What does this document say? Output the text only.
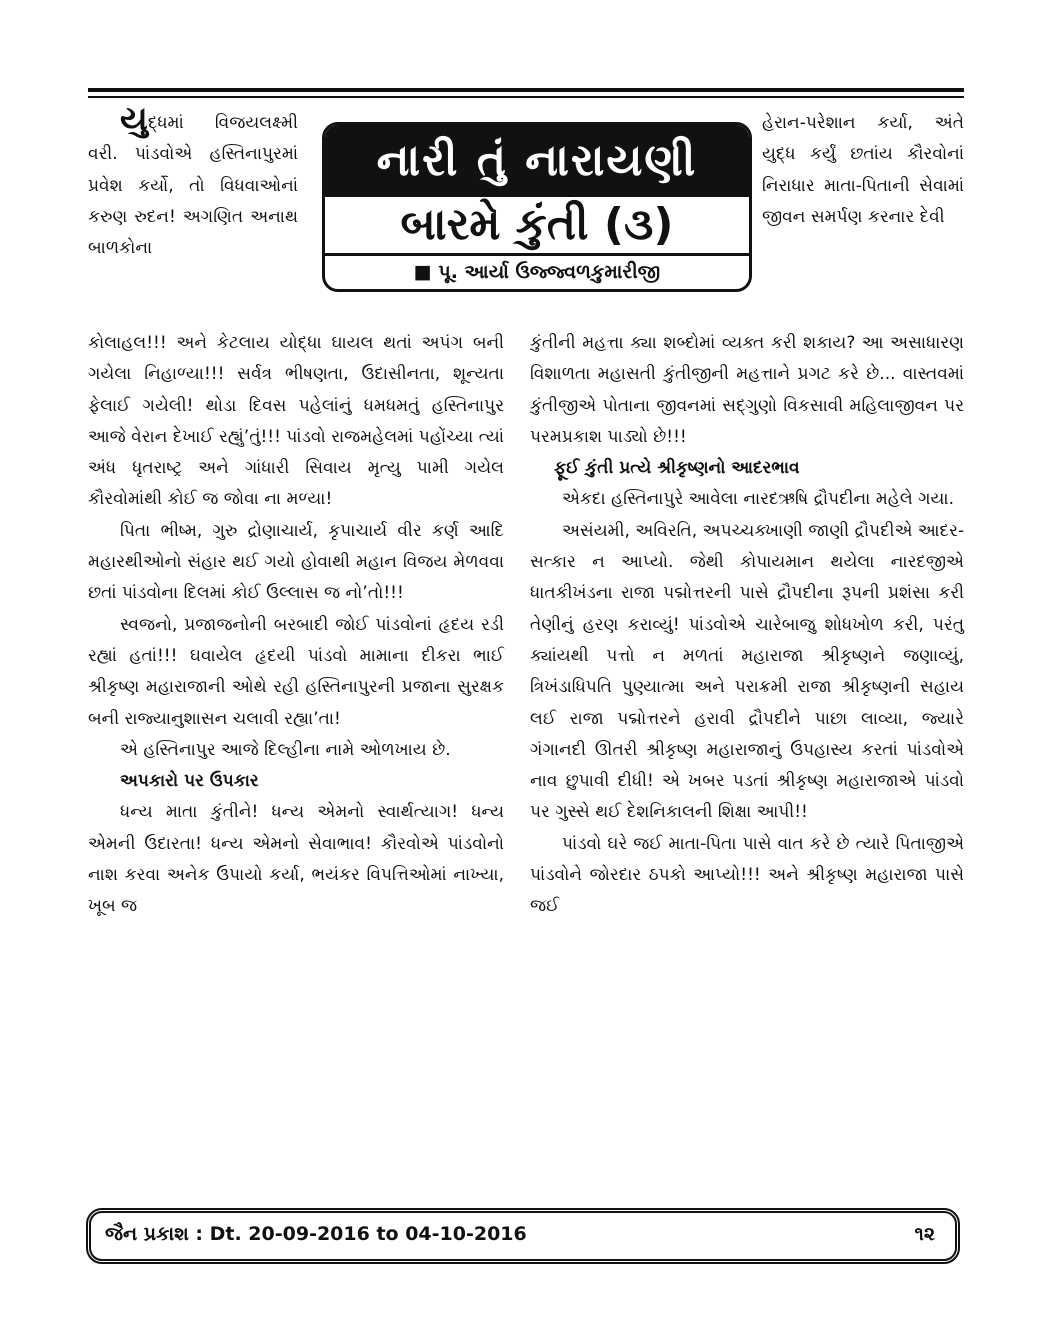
નારી તું નારાયણી
બારમે કુંતી (૩)
■ પૂ. આર્યા ઉજ્જ્વળકુમારીજી

યુદ્ધમાં વિજયલક્ષ્મી વરી. પાંડવોએ હસ્તિનાપુરમાં પ્રવેશ કર્યો, તો વિધવાઓનાં કરુણ રુદન! અગણિત અનાથ બાળકોના

હેરાન-પરેશાન કર્યા, અંતે યુદ્ધ કર્યું છતાંય કૌરવોનાં નિરાધાર માતા-પિતાની સેવામાં જીવન સમર્પણ કરનાર દેવી

કોલાહલ!!! અને કેટલાય યોદ્ધા ઘાયલ થતાં અપંગ બની ગયેલા નિહાળ્યા!!! સર્વત્ર ભીષણતા, ઉદાસીનતા, શૂન્યતા ફેલાઈ ગયેલી! થોડા દિવસ પહેલાંનું ધમધમતું હસ્તિનાપુર આજે વેરાન દેખાઈ રહ્યું’તું!!! પાંડવો રાજમહેલમાં પહોંચ્યા ત્યાં અંધ ધૃતરાષ્ટ્ર અને ગાંધારી સિવાય મૃત્યુ પામી ગયેલ કૌરવોમાંથી કોઈ જ જોવા ના મળ્યા!

પિતા ભીષ્મ, ગુરુ દ્રોણાચાર્ય, કૃપાચાર્ય વીર કર્ણ આદિ મહારથીઓનો સંહાર થઈ ગયો હોવાથી મહાન વિજય મેળવવા છતાં પાંડવોના દિલમાં કોઈ ઉલ્લાસ જ નો’તો!!!

સ્વજનો, પ્રજાજનોની બરબાદી જોઈ પાંડવોનાં હૃદય રડી રહ્યાં હતાં!!! ઘવાયેલ હૃદયી પાંડવો મામાના દીકરા ભાઈ શ્રીકૃષ્ણ મહારાજાની ઓથે રહી હસ્તિનાપુરની પ્રજાના સુરક્ષક બની રાજ્યાનુશાસન ચલાવી રહ્યા’તા!

એ હસ્તિનાપુર આજે દિલ્હીના નામે ઓળખાય છે.

અપકારો પર ઉપકાર

ધન્ય માતા કુંતીને! ધન્ય એમનો સ્વાર્થત્યાગ! ધન્ય એમની ઉદારતા! ધન્ય એમનો સેવાભાવ! કૌરવોએ પાંડવોનો નાશ કરવા અનેક ઉપાયો કર્યા, ભયંકર વિપત્તિઓમાં નાખ્યા, ખૂબ જ

કુંતીની મહત્તા ક્યા શબ્દોમાં વ્યક્ત કરી શકાય? આ અસાધારણ વિશાળતા મહાસતી કુંતીજીની મહત્તાને પ્રગટ કરે છે... વાસ્તવમાં કુંતીજીએ પોતાના જીવનમાં સદ્‌ગુણો વિકસાવી મહિલાજીવન પર પરમપ્રકાશ પાડ્યો છે!!!

ફૂઈ કુંતી પ્રત્યે શ્રીકૃષ્ણનો આદરભાવ

એકદા હસ્તિનાપુરે આવેલા નારદઋષિ દ્રૌપદીના મહેલે ગયા.

અસંયમી, અવિરતિ, અપચ્ચક્ખાણી જાણી દ્રૌપદીએ આદર-સત્કાર ન આપ્યો. જેથી કોપાયમાન થયેલા નારદજીએ ધાતકીખંડના રાજા પદ્મોત્તરની પાસે દ્રૌપદીના રૂપની પ્રશંસા કરી તેણીનું હરણ કરાવ્યું! પાંડવોએ ચારેબાજુ શોધખોળ કરી, પરંતુ ક્યાંયથી પત્તો ન મળતાં મહારાજા શ્રીકૃષ્ણને જણાવ્યું, ત્રિખંડાધિપતિ પુણ્યાત્મા અને પરાક્રમી રાજા શ્રીકૃષ્ણની સહાય લઈ રાજા પદ્મોત્તરને હરાવી દ્રૌપદીને પાછા લાવ્યા, જ્યારે ગંગાનદી ઊતરી શ્રીકૃષ્ણ મહારાજાનું ઉપહાસ્ય કરતાં પાંડવોએ નાવ છુપાવી દીધી! એ ખબર પડતાં શ્રીકૃષ્ણ મહારાજાએ પાંડવો પર ગુસ્સે થઈ દેશનિકાલની શિક્ષા આપી!!

પાંડવો ઘરે જઈ માતા-પિતા પાસે વાત કરે છે ત્યારે પિતાજીએ પાંડવોને જોરદાર ઠપકો આપ્યો!!! અને શ્રીકૃષ્ણ મહારાજા પાસે જઈ

જૈન પ્રકાશ : Dt. 20-09-2016 to 04-10-2016	૧૨
